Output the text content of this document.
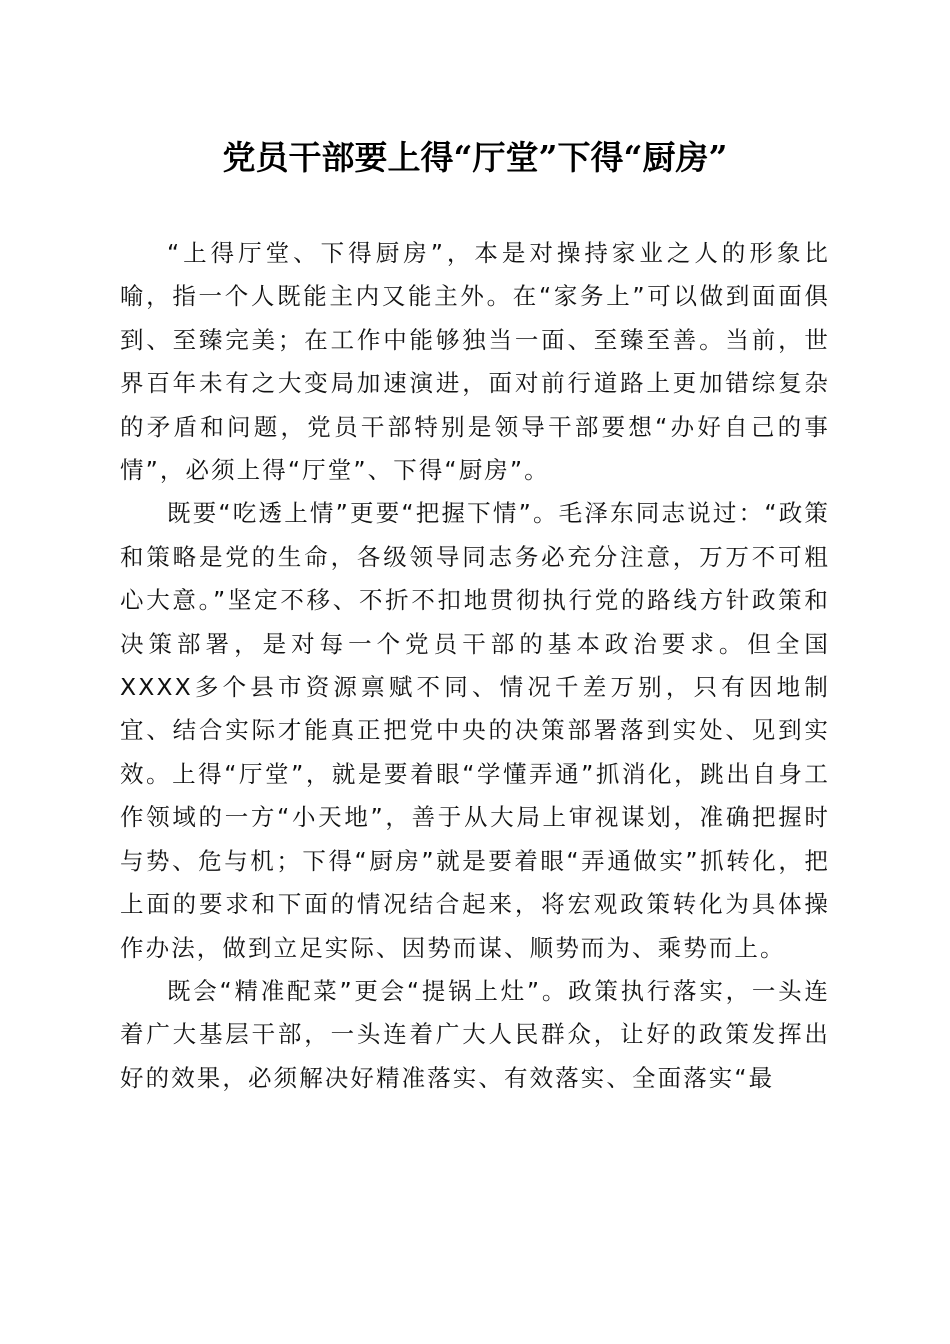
党员干部要上得“厅堂”下得“厨房”

“上得厅堂、下得厨房”，本是对操持家业之人的形象比喻，指一个人既能主内又能主外。在“家务上”可以做到面面俱到、至臻完美；在工作中能够独当一面、至臻至善。当前，世界百年未有之大变局加速演进，面对前行道路上更加错综复杂的矛盾和问题，党员干部特别是领导干部要想“办好自己的事情”，必须上得“厅堂”、下得“厨房”。

既要“吃透上情”更要“把握下情”。毛泽东同志说过：“政策和策略是党的生命，各级领导同志务必充分注意，万万不可粗心大意。”坚定不移、不折不扣地贯彻执行党的路线方针政策和决策部署，是对每一个党员干部的基本政治要求。但全国XXXX多个县市资源禀赋不同、情况千差万别，只有因地制宜、结合实际才能真正把党中央的决策部署落到实处、见到实效。上得“厅堂”，就是要着眼“学懂弄通”抓消化，跳出自身工作领域的一方“小天地”，善于从大局上审视谋划，准确把握时与势、危与机；下得“厨房”就是要着眼“弄通做实”抓转化，把上面的要求和下面的情况结合起来，将宏观政策转化为具体操作办法，做到立足实际、因势而谋、顺势而为、乘势而上。

既会“精准配菜”更会“提锅上灶”。政策执行落实，一头连着广大基层干部，一头连着广大人民群众，让好的政策发挥出好的效果，必须解决好精准落实、有效落实、全面落实“最
